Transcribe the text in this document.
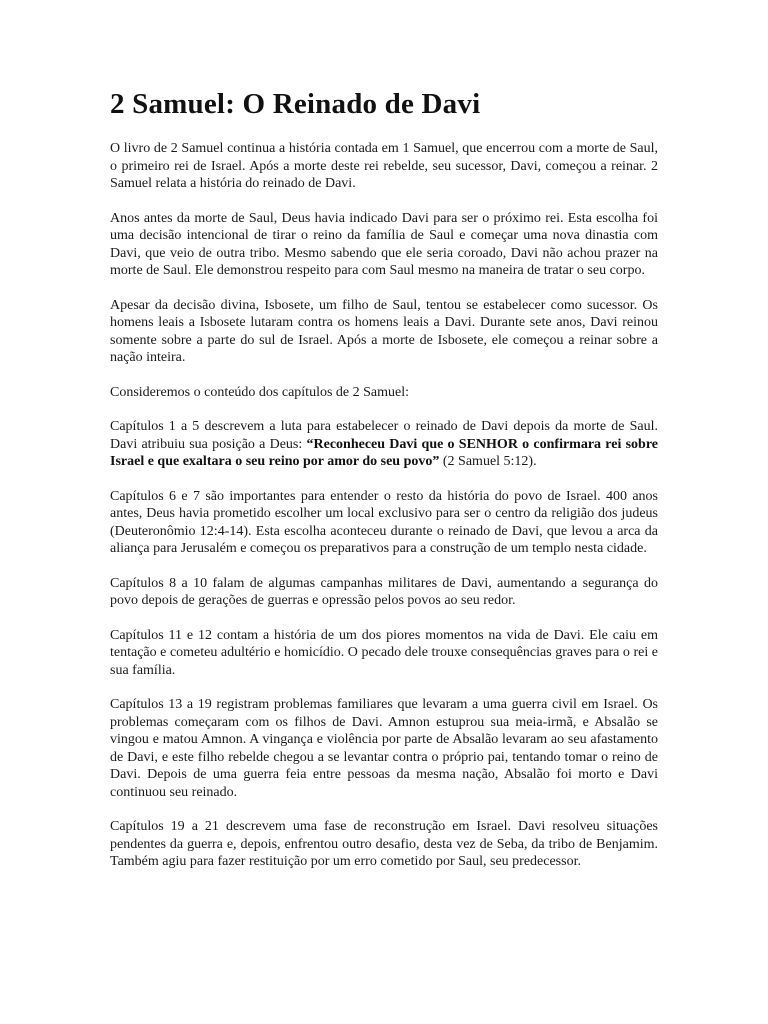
2 Samuel: O Reinado de Davi

O livro de 2 Samuel continua a história contada em 1 Samuel, que encerrou com a morte de Saul, o primeiro rei de Israel. Após a morte deste rei rebelde, seu sucessor, Davi, começou a reinar. 2 Samuel relata a história do reinado de Davi.

Anos antes da morte de Saul, Deus havia indicado Davi para ser o próximo rei. Esta escolha foi uma decisão intencional de tirar o reino da família de Saul e começar uma nova dinastia com Davi, que veio de outra tribo. Mesmo sabendo que ele seria coroado, Davi não achou prazer na morte de Saul. Ele demonstrou respeito para com Saul mesmo na maneira de tratar o seu corpo.

Apesar da decisão divina, Isbosete, um filho de Saul, tentou se estabelecer como sucessor. Os homens leais a Isbosete lutaram contra os homens leais a Davi. Durante sete anos, Davi reinou somente sobre a parte do sul de Israel. Após a morte de Isbosete, ele começou a reinar sobre a nação inteira.

Consideremos o conteúdo dos capítulos de 2 Samuel:

Capítulos 1 a 5 descrevem a luta para estabelecer o reinado de Davi depois da morte de Saul. Davi atribuiu sua posição a Deus: “Reconheceu Davi que o SENHOR o confirmara rei sobre Israel e que exaltara o seu reino por amor do seu povo” (2 Samuel 5:12).

Capítulos 6 e 7 são importantes para entender o resto da história do povo de Israel. 400 anos antes, Deus havia prometido escolher um local exclusivo para ser o centro da religião dos judeus (Deuteronômio 12:4-14). Esta escolha aconteceu durante o reinado de Davi, que levou a arca da aliança para Jerusalém e começou os preparativos para a construção de um templo nesta cidade.

Capítulos 8 a 10 falam de algumas campanhas militares de Davi, aumentando a segurança do povo depois de gerações de guerras e opressão pelos povos ao seu redor.

Capítulos 11 e 12 contam a história de um dos piores momentos na vida de Davi. Ele caiu em tentação e cometeu adultério e homicídio. O pecado dele trouxe consequências graves para o rei e sua família.

Capítulos 13 a 19 registram problemas familiares que levaram a uma guerra civil em Israel. Os problemas começaram com os filhos de Davi. Amnon estuprou sua meia-irmã, e Absalão se vingou e matou Amnon. A vingança e violência por parte de Absalão levaram ao seu afastamento de Davi, e este filho rebelde chegou a se levantar contra o próprio pai, tentando tomar o reino de Davi. Depois de uma guerra feia entre pessoas da mesma nação, Absalão foi morto e Davi continuou seu reinado.

Capítulos 19 a 21 descrevem uma fase de reconstrução em Israel. Davi resolveu situações pendentes da guerra e, depois, enfrentou outro desafio, desta vez de Seba, da tribo de Benjamim. Também agiu para fazer restituição por um erro cometido por Saul, seu predecessor.
